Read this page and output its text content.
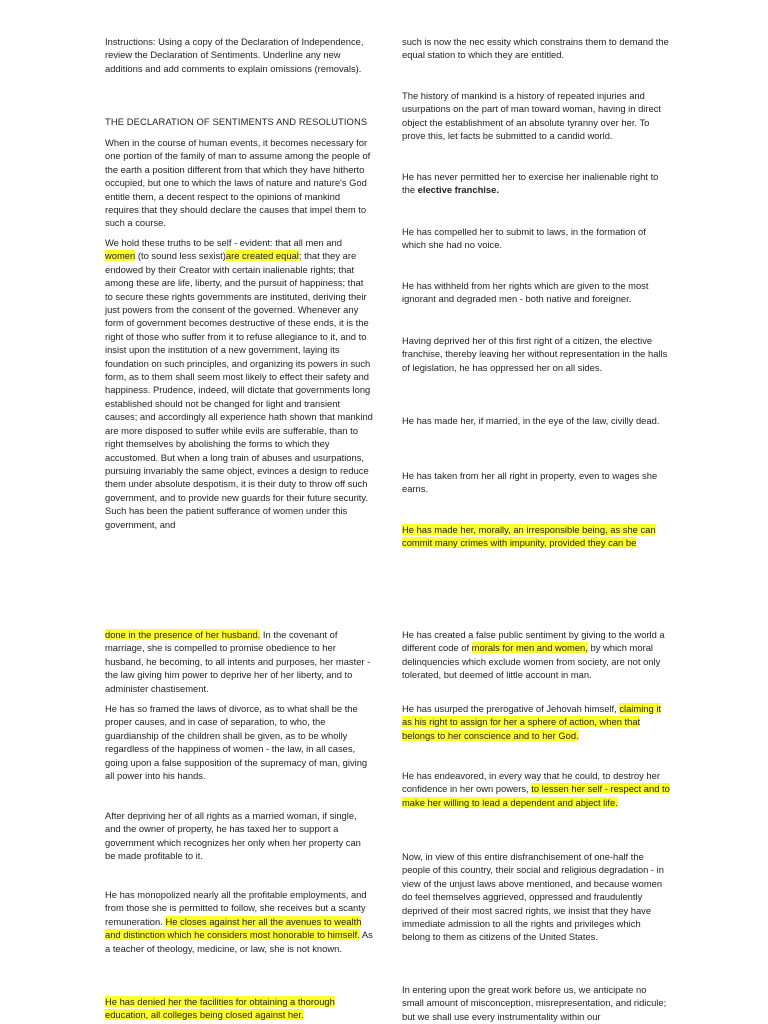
Instructions: Using a copy of the Declaration of Independence, review the Declaration of Sentiments. Underline any new additions and add comments to explain omissions (removals).

THE DECLARATION OF SENTIMENTS AND RESOLUTIONS

When in the course of human events, it becomes necessary for one portion of the family of man to assume among the people of the earth a position different from that which they have hitherto occupied, but one to which the laws of nature and nature's God entitle them, a decent respect to the opinions of mankind requires that they should declare the causes that impel them to such a course.

We hold these truths to be self - evident: that all men and women (to sound less sexist)are created equal; that they are endowed by their Creator with certain inalienable rights; that among these are life, liberty, and the pursuit of happiness; that to secure these rights governments are instituted, deriving their just powers from the consent of the governed. Whenever any form of government becomes destructive of these ends, it is the right of those who suffer from it to refuse allegiance to it, and to insist upon the institution of a new government, laying its foundation on such principles, and organizing its powers in such form, as to them shall seem most likely to effect their safety and happiness. Prudence, indeed, will dictate that governments long established should not be changed for light and transient causes; and accordingly all experience hath shown that mankind are more disposed to suffer while evils are sufferable, than to right themselves by abolishing the forms to which they accustomed. But when a long train of abuses and usurpations, pursuing invariably the same object, evinces a design to reduce them under absolute despotism, it is their duty to throw off such government, and to provide new guards for their future security. Such has been the patient sufferance of women under this government, and

such is now the nec essity which constrains them to demand the equal station to which they are entitled.

The history of mankind is a history of repeated injuries and usurpations on the part of man toward woman, having in direct object the establishment of an absolute tyranny over her. To prove this, let facts be submitted to a candid world.

He has never permitted her to exercise her inalienable right to the elective franchise.

He has compelled her to submit to laws, in the formation of which she had no voice.

He has withheld from her rights which are given to the most ignorant and degraded men - both native and foreigner.

Having deprived her of this first right of a citizen, the elective franchise, thereby leaving her without representation in the halls of legislation, he has oppressed her on all sides.

He has made her, if married, in the eye of the law, civilly dead.

He has taken from her all right in property, even to wages she earns.

He has made her, morally, an irresponsible being, as she can commit many crimes with impunity, provided they can be

done in the presence of her husband. In the covenant of marriage, she is compelled to promise obedience to her husband, he becoming, to all intents and purposes, her master - the law giving him power to deprive her of her liberty, and to administer chastisement.

He has so framed the laws of divorce, as to what shall be the proper causes, and in case of separation, to who, the guardianship of the children shall be given, as to be wholly regardless of the happiness of women - the law, in all cases, going upon a false supposition of the supremacy of man, giving all power into his hands.

After depriving her of all rights as a married woman, if single, and the owner of property, he has taxed her to support a government which recognizes her only when her property can be made profitable to it.

He has monopolized nearly all the profitable employments, and from those she is permitted to follow, she receives but a scanty remuneration. He closes against her all the avenues to wealth and distinction which he considers most honorable to himself. As a teacher of theology, medicine, or law, she is not known.

He has denied her the facilities for obtaining a thorough education, all colleges being closed against her.

He has created a false public sentiment by giving to the world a different code of morals for men and women, by which moral delinquencies which exclude women from society, are not only tolerated, but deemed of little account in man.

He has usurped the prerogative of Jehovah himself, claiming it as his right to assign for her a sphere of action, when that belongs to her conscience and to her God.

He has endeavored, in every way that he could, to destroy her confidence in her own powers, to lessen her self - respect and to make her willing to lead a dependent and abject life.

Now, in view of this entire disfranchisement of one-half the people of this country, their social and religious degradation - in view of the unjust laws above mentioned, and because women do feel themselves aggrieved, oppressed and fraudulently deprived of their most sacred rights, we insist that they have immediate admission to all the rights and privileges which belong to them as citizens of the United States.

In entering upon the great work before us, we anticipate no small amount of misconception, misrepresentation, and ridicule; but we shall use every instrumentality within our
